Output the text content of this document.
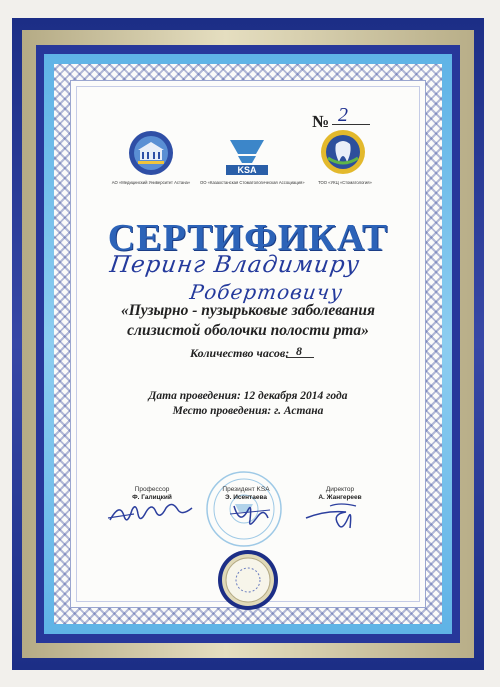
№ 2
АО «Медицинский Университет Астана»
KSA
ОО «Казахстанская Стоматологическая Ассоциация»	ТОО «УКЦ «Стоматология»
СЕРТИФИКАТ
Перинг Владимиру
Робертовичу
«Пузырно - пузырьковые заболевания
слизистой оболочки полости рта»
Количество часов: 8
Дата проведения: 12 декабря 2014 года
Место проведения: г. Астана
Профессор
Ф. Галицкий
Президент KSA
Э. Исентаева
Директор
А. Жангереев
